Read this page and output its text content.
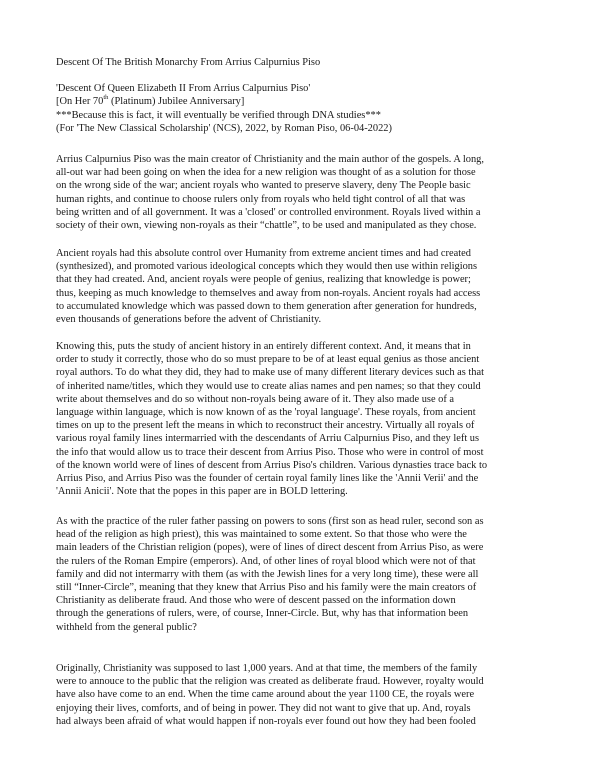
Descent Of The British Monarchy From Arrius Calpurnius Piso
'Descent Of Queen Elizabeth II From Arrius Calpurnius Piso'
[On Her 70th (Platinum) Jubilee Anniversary]
***Because this is fact, it will eventually be verified through DNA studies***
(For 'The New Classical Scholarship' (NCS), 2022, by Roman Piso, 06-04-2022)
Arrius Calpurnius Piso was the main creator of Christianity and the main author of the gospels. A long,
all-out war had been going on when the idea for a new religion was thought of as a solution for those
on the wrong side of the war; ancient royals who wanted to preserve slavery, deny The People basic
human rights, and continue to choose rulers only from royals who held tight control of all that was
being written and of all government. It was a 'closed' or controlled environment. Royals lived within a
society of their own, viewing non-royals as their “chattle”, to be used and manipulated as they chose.
Ancient royals had this absolute control over Humanity from extreme ancient times and had created
(synthesized), and promoted various ideological concepts which they would then use within religions
that they had created. And, ancient royals were people of genius, realizing that knowledge is power;
thus, keeping as much knowledge to themselves and away from non-royals. Ancient royals had access
to accumulated knowledge which was passed down to them generation after generation for hundreds,
even thousands of generations before the advent of Christianity.
Knowing this, puts the study of ancient history in an entirely different context. And, it means that in
order to study it correctly, those who do so must prepare to be of at least equal genius as those ancient
royal authors. To do what they did, they had to make use of many different literary devices such as that
of inherited name/titles, which they would use to create alias names and pen names; so that they could
write about themselves and do so without non-royals being aware of it. They also made use of a
language within language, which is now known of as the 'royal language'. These royals, from ancient
times on up to the present left the means in which to reconstruct their ancestry. Virtually all royals of
various royal family lines intermarried with the descendants of Arriu Calpurnius Piso, and they left us
the info that would allow us to trace their descent from Arrius Piso. Those who were in control of most
of the known world were of lines of descent from Arrius Piso's children. Various dynasties trace back to
Arrius Piso, and Arrius Piso was the founder of certain royal family lines like the 'Annii Verii' and the
'Annii Anicii'. Note that the popes in this paper are in BOLD lettering.
As with the practice of the ruler father passing on powers to sons (first son as head ruler, second son as
head of the religion as high priest), this was maintained to some extent. So that those who were the
main leaders of the Christian religion (popes), were of lines of direct descent from Arrius Piso, as were
the rulers of the Roman Empire (emperors). And, of other lines of royal blood which were not of that
family and did not intermarry with them (as with the Jewish lines for a very long time), these were all
still “Inner-Circle”, meaning that they knew that Arrius Piso and his family were the main creators of
Christianity as deliberate fraud. And those who were of descent passed on the information down
through the generations of rulers, were, of course, Inner-Circle. But, why has that information been
withheld from the general public?
Originally, Christianity was supposed to last 1,000 years. And at that time, the members of the family
were to annouce to the public that the religion was created as deliberate fraud. However, royalty would
have also have come to an end. When the time came around about the year 1100 CE, the royals were
enjoying their lives, comforts, and of being in power. They did not want to give that up. And, royals
had always been afraid of what would happen if non-royals ever found out how they had been fooled
